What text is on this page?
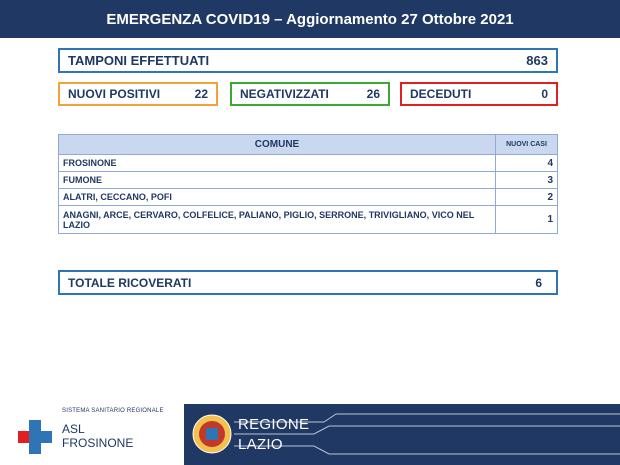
EMERGENZA COVID19 – Aggiornamento 27 Ottobre 2021
TAMPONI EFFETTUATI	863
NUOVI POSITIVI	22	NEGATIVIZZATI	26	DECEDUTI	0
COMUNE	NUOVI CASI
FROSINONE	4
FUMONE	3
ALATRI, CECCANO, POFI	2
ANAGNI, ARCE, CERVARO, COLFELICE, PALIANO, PIGLIO, SERRONE, TRIVIGLIANO, VICO NEL LAZIO	1
TOTALE RICOVERATI	6
SISTEMA SANITARIO REGIONALE
ASL
FROSINONE
REGIONE
LAZIO
